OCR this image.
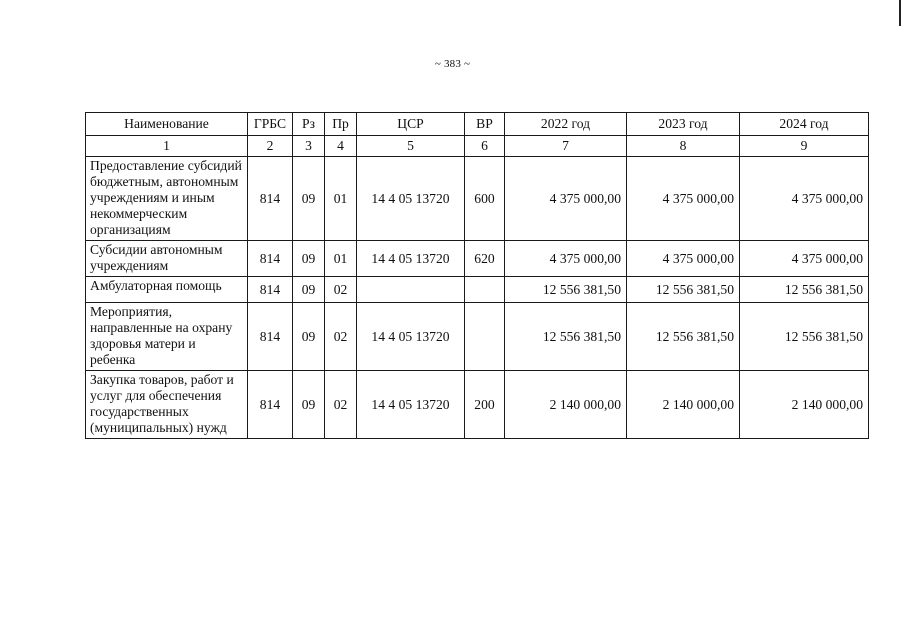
~ 383 ~
Наименование	ГРБС	Рз	Пр	ЦСР	ВР	2022 год	2023 год	2024 год
1	2	3	4	5	6	7	8	9
Предоставление субсидий бюджетным, автономным учреждениям и иным некоммерческим организациям	814	09	01	14 4 05 13720	600	4 375 000,00	4 375 000,00	4 375 000,00
Субсидии автономным учреждениям	814	09	01	14 4 05 13720	620	4 375 000,00	4 375 000,00	4 375 000,00
Амбулаторная помощь	814	09	02			12 556 381,50	12 556 381,50	12 556 381,50
Мероприятия, направленные на охрану здоровья матери и ребенка	814	09	02	14 4 05 13720		12 556 381,50	12 556 381,50	12 556 381,50
Закупка товаров, работ и услуг для обеспечения государственных (муниципальных) нужд	814	09	02	14 4 05 13720	200	2 140 000,00	2 140 000,00	2 140 000,00
